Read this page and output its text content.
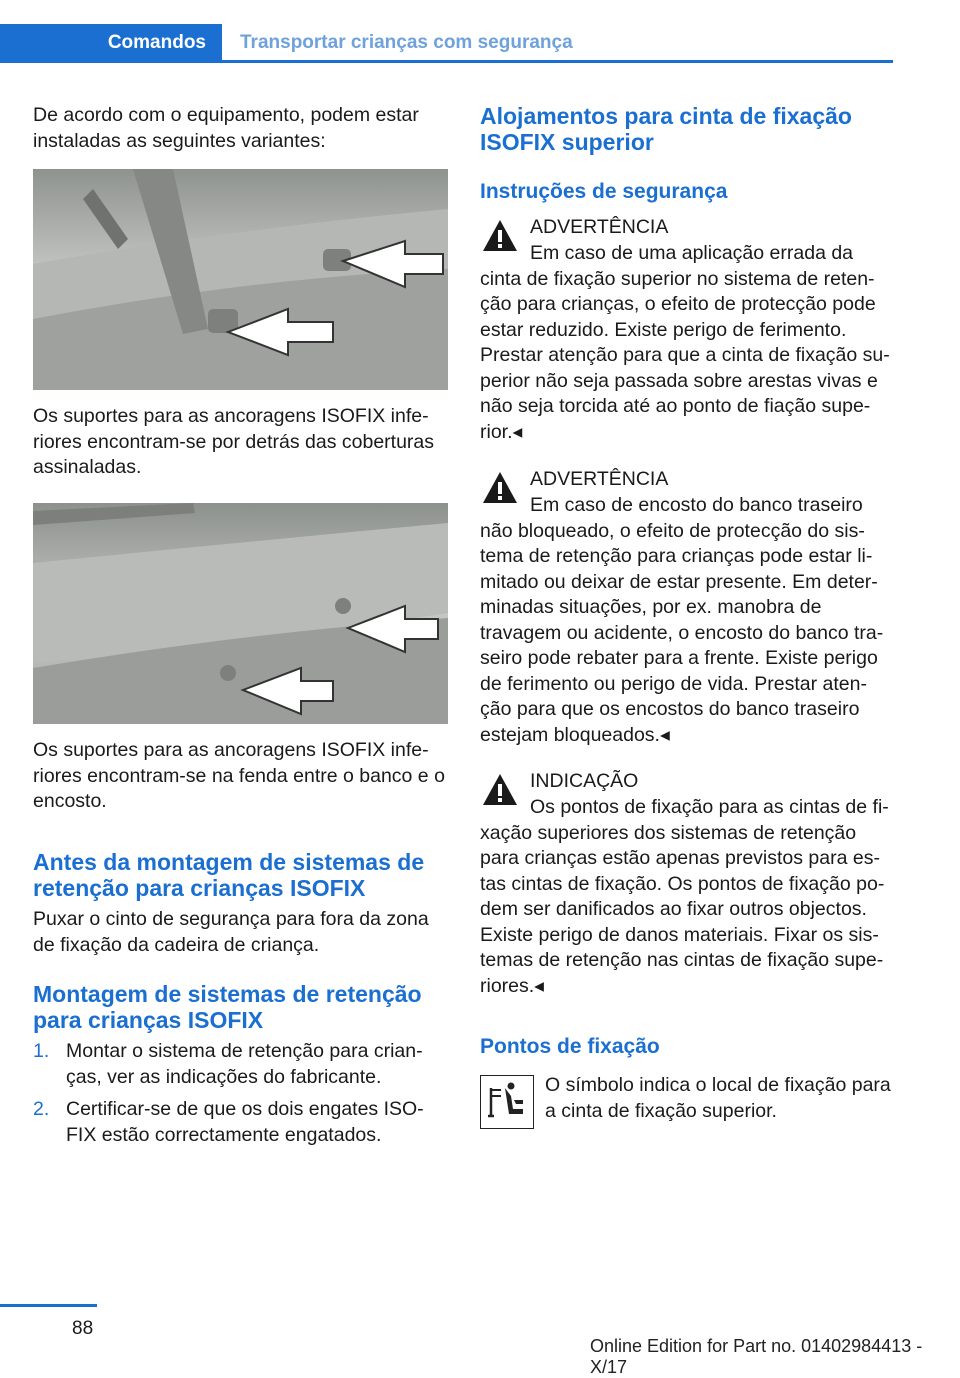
Comandos Transportar crianças com segurança

De acordo com o equipamento, podem estar instaladas as seguintes variantes:

Os suportes para as ancoragens ISOFIX infe- riores encontram-se por detrás das coberturas assinaladas.

Os suportes para as ancoragens ISOFIX infe- riores encontram-se na fenda entre o banco e o encosto.

Antes da montagem de sistemas de retenção para crianças ISOFIX

Puxar o cinto de segurança para fora da zona de fixação da cadeira de criança.

Montagem de sistemas de retenção para crianças ISOFIX
1. Montar o sistema de retenção para crian- ças, ver as indicações do fabricante.
2. Certificar-se de que os dois engates ISO- FIX estão correctamente engatados.
Alojamentos para cinta de fixação ISOFIX superior
Instruções de segurança
ADVERTÊNCIA
Em caso de uma aplicação errada da cinta de fixação superior no sistema de reten- ção para crianças, o efeito de protecção pode estar reduzido. Existe perigo de ferimento. Prestar atenção para que a cinta de fixação su- perior não seja passada sobre arestas vivas e não seja torcida até ao ponto de fiação supe- rior.◂
ADVERTÊNCIA
Em caso de encosto do banco traseiro não bloqueado, o efeito de protecção do sis- tema de retenção para crianças pode estar li- mitado ou deixar de estar presente. Em deter- minadas situações, por ex. manobra de travagem ou acidente, o encosto do banco tra- seiro pode rebater para a frente. Existe perigo de ferimento ou perigo de vida. Prestar aten- ção para que os encostos do banco traseiro estejam bloqueados.◂
INDICAÇÃO
Os pontos de fixação para as cintas de fi- xação superiores dos sistemas de retenção para crianças estão apenas previstos para es- tas cintas de fixação. Os pontos de fixação po- dem ser danificados ao fixar outros objectos. Existe perigo de danos materiais. Fixar os sis- temas de retenção nas cintas de fixação supe- riores.◂
Pontos de fixação

O símbolo indica o local de fixação para a cinta de fixação superior.

88
Online Edition for Part no. 01402984413 - X/17
